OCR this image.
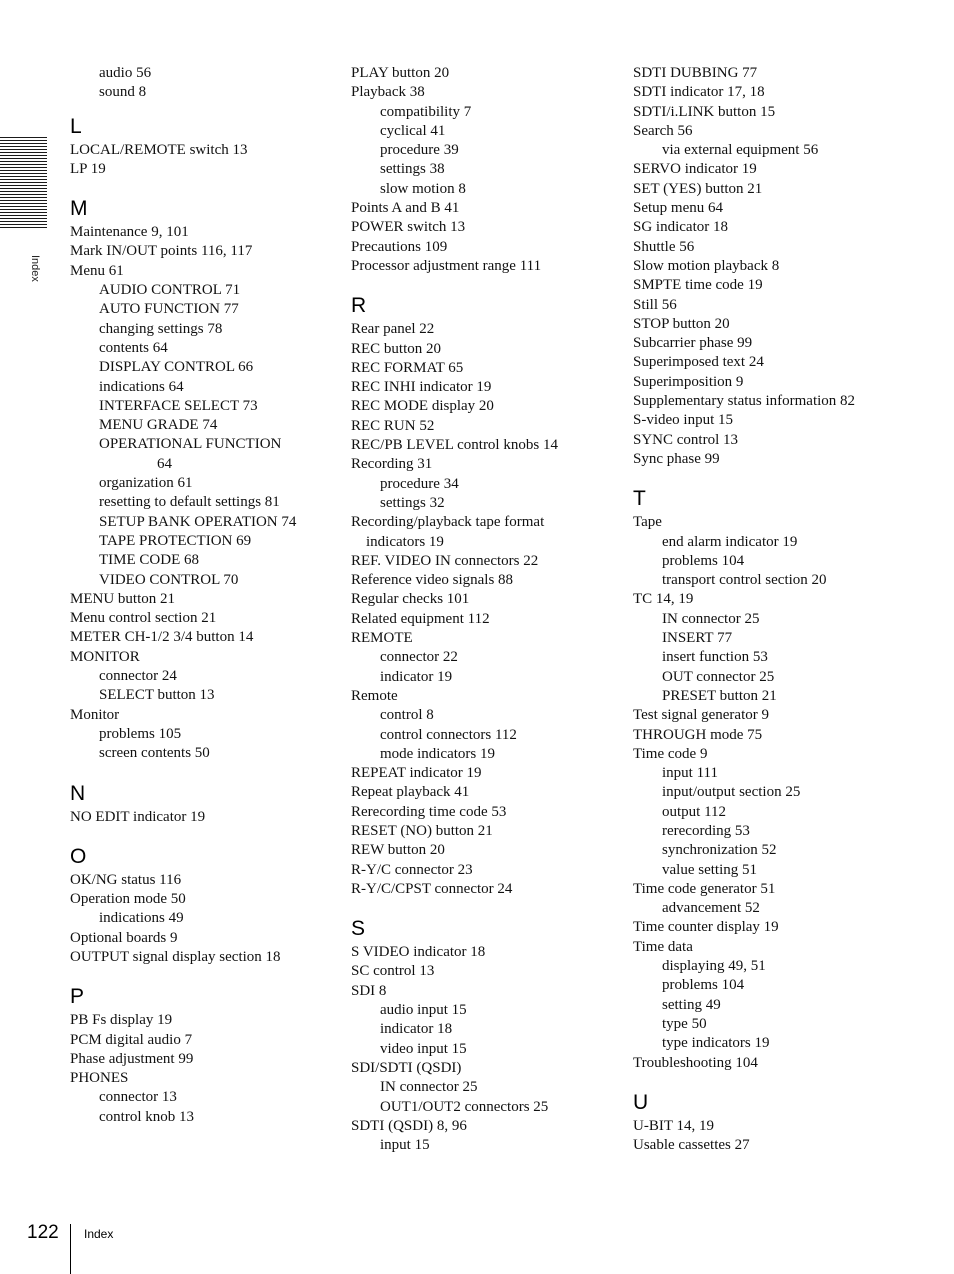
Index
audio 56
sound 8
L
LOCAL/REMOTE switch 13
LP 19
M
Maintenance 9, 101
Mark IN/OUT points 116, 117
Menu 61
AUDIO CONTROL 71
AUTO FUNCTION 77
changing settings 78
contents 64
DISPLAY CONTROL 66
indications 64
INTERFACE SELECT 73
MENU GRADE 74
OPERATIONAL FUNCTION
64
organization 61
resetting to default settings 81
SETUP BANK OPERATION 74
TAPE PROTECTION 69
TIME CODE 68
VIDEO CONTROL 70
MENU button 21
Menu control section 21
METER CH-1/2 3/4 button 14
MONITOR
connector 24
SELECT button 13
Monitor
problems 105
screen contents 50
N
NO EDIT indicator 19
O
OK/NG status 116
Operation mode 50
indications 49
Optional boards 9
OUTPUT signal display section 18
P
PB Fs display 19
PCM digital audio 7
Phase adjustment 99
PHONES
connector 13
control knob 13
PLAY button 20
Playback 38
compatibility 7
cyclical 41
procedure 39
settings 38
slow motion 8
Points A and B 41
POWER switch 13
Precautions 109
Processor adjustment range 111
R
Rear panel 22
REC button 20
REC FORMAT 65
REC INHI indicator 19
REC MODE display 20
REC RUN 52
REC/PB LEVEL control knobs 14
Recording 31
procedure 34
settings 32
Recording/playback tape format
indicators 19
REF. VIDEO IN connectors 22
Reference video signals 88
Regular checks 101
Related equipment 112
REMOTE
connector 22
indicator 19
Remote
control 8
control connectors 112
mode indicators 19
REPEAT indicator 19
Repeat playback 41
Rerecording time code 53
RESET (NO) button 21
REW button 20
R-Y/C connector 23
R-Y/C/CPST connector 24
S
S VIDEO indicator 18
SC control 13
SDI 8
audio input 15
indicator 18
video input 15
SDI/SDTI (QSDI)
IN connector 25
OUT1/OUT2 connectors 25
SDTI (QSDI) 8, 96
input 15
SDTI DUBBING 77
SDTI indicator 17, 18
SDTI/i.LINK button 15
Search 56
via external equipment 56
SERVO indicator 19
SET (YES) button 21
Setup menu 64
SG indicator 18
Shuttle 56
Slow motion playback 8
SMPTE time code 19
Still 56
STOP button 20
Subcarrier phase 99
Superimposed text 24
Superimposition 9
Supplementary status information 82
S-video input 15
SYNC control 13
Sync phase 99
T
Tape
end alarm indicator 19
problems 104
transport control section 20
TC 14, 19
IN connector 25
INSERT 77
insert function 53
OUT connector 25
PRESET button 21
Test signal generator 9
THROUGH mode 75
Time code 9
input 111
input/output section 25
output 112
rerecording 53
synchronization 52
value setting 51
Time code generator 51
advancement 52
Time counter display 19
Time data
displaying 49, 51
problems 104
setting 49
type 50
type indicators 19
Troubleshooting 104
U
U-BIT 14, 19
Usable cassettes 27
122 Index
